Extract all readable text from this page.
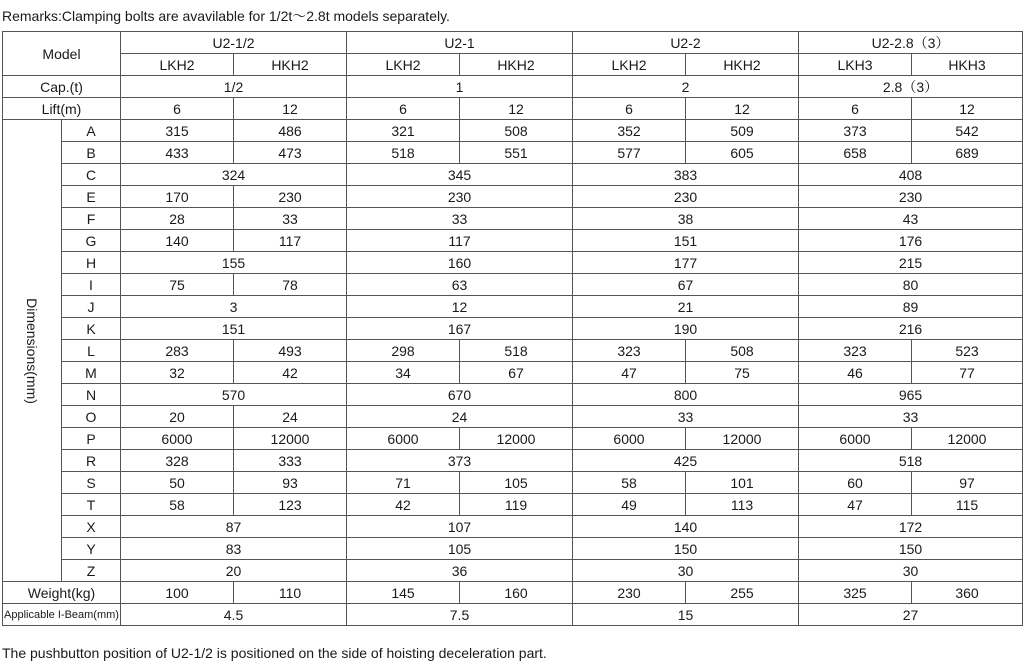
Remarks:Clamping bolts are avavilable for 1/2t～2.8t models separately.
Model		U2-1/2		U2-1		U2-2		U2-2.8（3）	
		LKH2	HKH2	LKH2	HKH2	LKH2	HKH2	LKH3	HKH3
Cap.(t)		1/2		1		2		2.8（3）	
Lift(m)		6	12	6	12	6	12	6	12

Dimensions(mm)	A	315	486	321	508	352	509	373	542
	B	433	473	518	551	577	605	658	689
	C	324		345		383		408	
	E	170	230	230		230		230	
	F	28	33	33		38		43	
	G	140	117	117		151		176	
	H	155		160		177		215	
	I	75	78	63		67		80	
	J	3		12		21		89	
	K	151		167		190		216	
	L	283	493	298	518	323	508	323	523
	M	32	42	34	67	47	75	46	77
	N	570		670		800		965	
	O	20	24	24		33		33	
	P	6000	12000	6000	12000	6000	12000	6000	12000
	R	328	333	373		425		518	
	S	50	93	71	105	58	101	60	97
	T	58	123	42	119	49	113	47	115
	X	87		107		140		172	
	Y	83		105		150		150	
	Z	20		36		30		30	
Weight(kg)		100	110	145	160	230	255	325	360
Applicable I-Beam(mm)		4.5		7.5		15		27	
The pushbutton position of U2-1/2 is positioned on the side of hoisting deceleration part.
